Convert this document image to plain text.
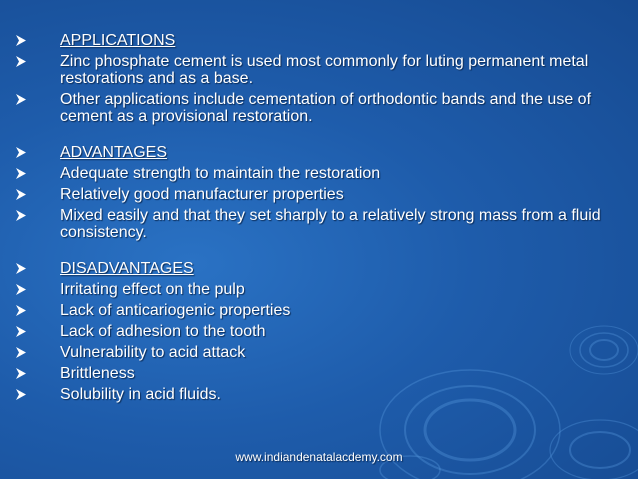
APPLICATIONS
Zinc phosphate cement is used most commonly for luting permanent metal restorations and as a base.
Other applications include cementation of orthodontic bands and the use of cement as a provisional restoration.
ADVANTAGES
Adequate strength to maintain the restoration
Relatively good manufacturer properties
Mixed easily and that they set sharply to a relatively strong mass from a fluid consistency.
DISADVANTAGES
Irritating effect on the pulp
Lack of anticariogenic properties
Lack of adhesion to the tooth
Vulnerability to acid attack
Brittleness
Solubility in acid fluids.
www.indiandenatalacdemy.com
